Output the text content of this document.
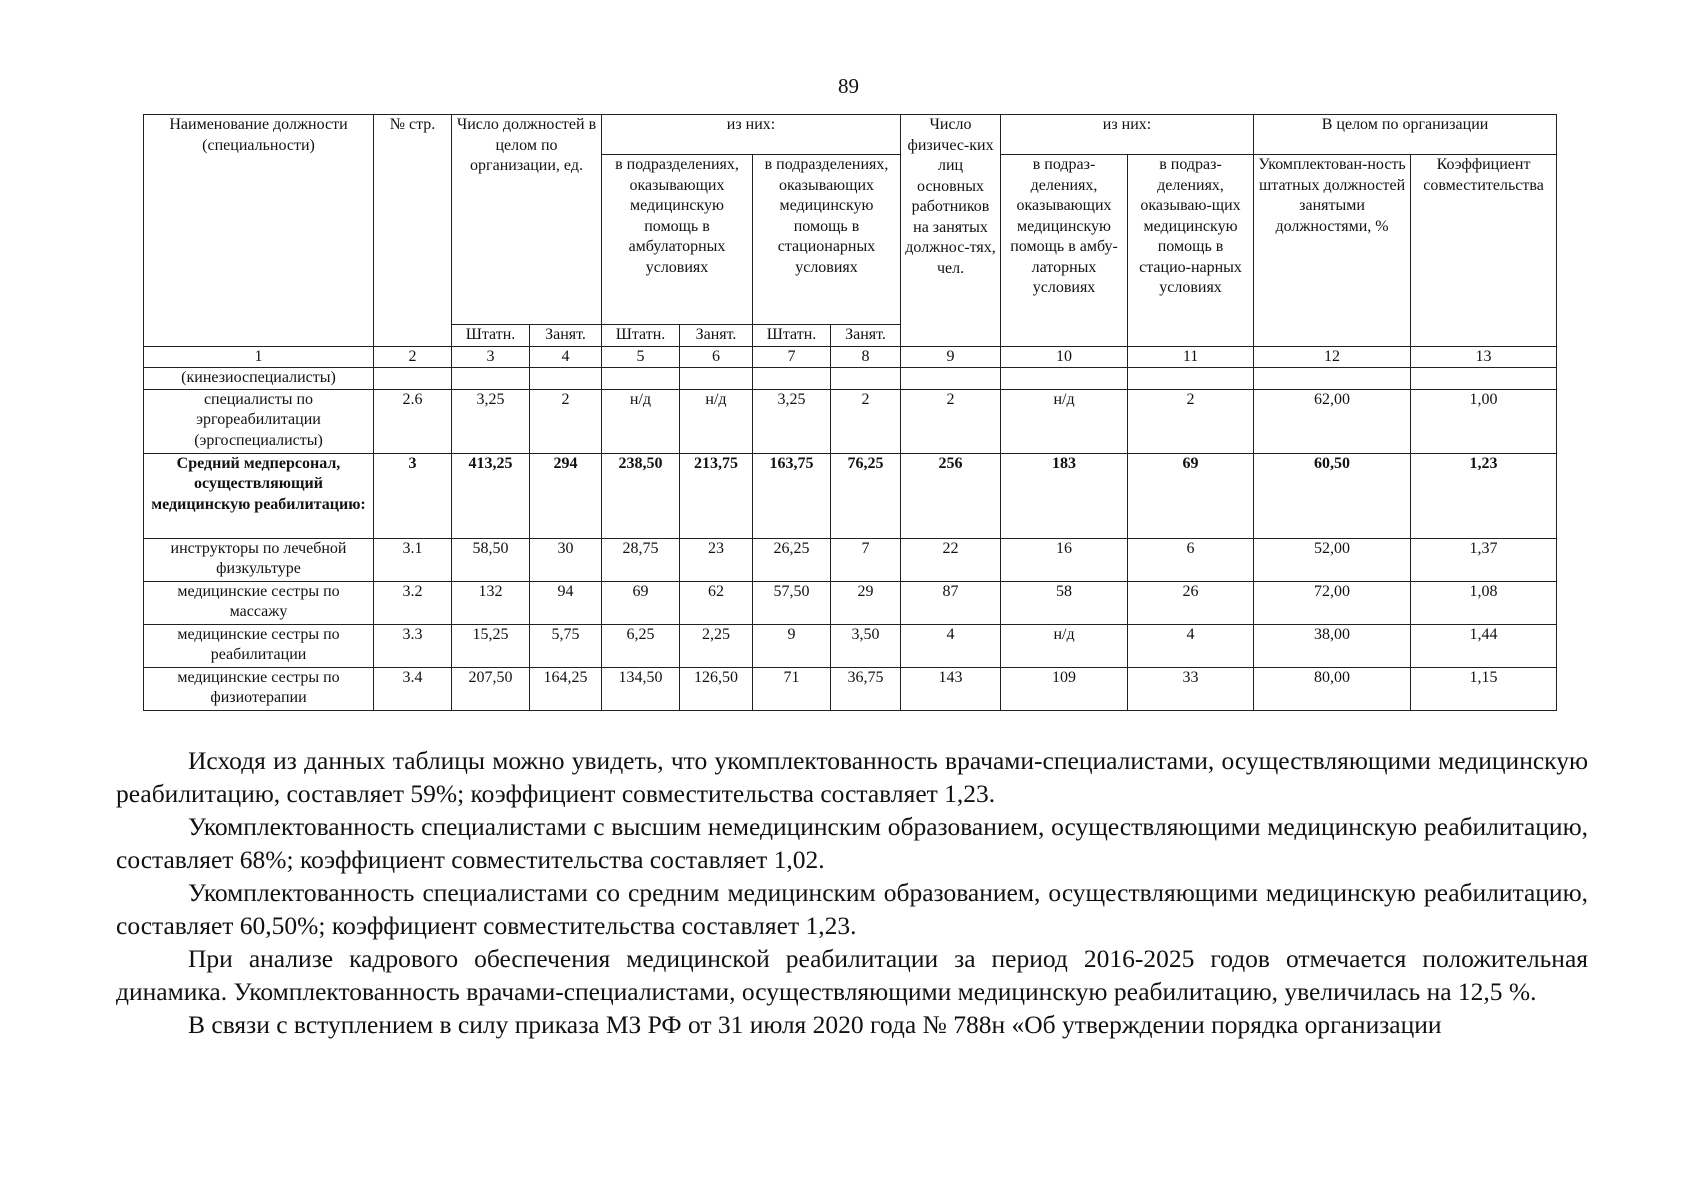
89
Наименование должности (специальности)	№ стр.	Число должностей в целом по организации, ед.		из них:				Число физичес-ких лиц основных работников на занятых должнос-тях, чел.	из них:		В целом по организации	
				в подразделениях, оказывающих медицинскую помощь в амбулаторных условиях		в подразделениях, оказывающих медицинскую помощь в стационарных условиях			в подраз-делениях, оказывающих медицинскую помощь в амбу-латорных условиях	в подраз-делениях, оказываю-щих медицинскую помощь в стацио-нарных условиях	Укомплектован-ность штатных должностей занятыми должностями, %	Коэффициент совместительства
		Штатн.	Занят.	Штатн.	Занят.	Штатн.	Занят.					
1	2	3	4	5	6	7	8	9	10	11	12	13
(кинезиоспециалисты)												
специалисты по эргореабилитации (эргоспециалисты)	2.6	3,25	2	н/д	н/д	3,25	2	2	н/д	2	62,00	1,00
Средний медперсонал, осуществляющий медицинскую реабилитацию:	3	413,25	294	238,50	213,75	163,75	76,25	256	183	69	60,50	1,23
инструкторы по лечебной физкультуре	3.1	58,50	30	28,75	23	26,25	7	22	16	6	52,00	1,37
медицинские сестры по массажу	3.2	132	94	69	62	57,50	29	87	58	26	72,00	1,08
медицинские сестры по реабилитации	3.3	15,25	5,75	6,25	2,25	9	3,50	4	н/д	4	38,00	1,44
медицинские сестры по физиотерапии	3.4	207,50	164,25	134,50	126,50	71	36,75	143	109	33	80,00	1,15

Исходя из данных таблицы можно увидеть, что укомплектованность врачами-специалистами, осуществляющими медицинскую реабилитацию, составляет 59%; коэффициент совместительства составляет 1,23.

Укомплектованность специалистами с высшим немедицинским образованием, осуществляющими медицинскую реабилитацию, составляет 68%; коэффициент совместительства составляет 1,02.

Укомплектованность специалистами со средним медицинским образованием, осуществляющими медицинскую реабилитацию, составляет 60,50%; коэффициент совместительства составляет 1,23.

При анализе кадрового обеспечения медицинской реабилитации за период 2016-2025 годов отмечается положительная динамика. Укомплектованность врачами-специалистами, осуществляющими медицинскую реабилитацию, увеличилась на 12,5 %.

В связи с вступлением в силу приказа МЗ РФ от 31 июля 2020 года № 788н «Об утверждении порядка организации
